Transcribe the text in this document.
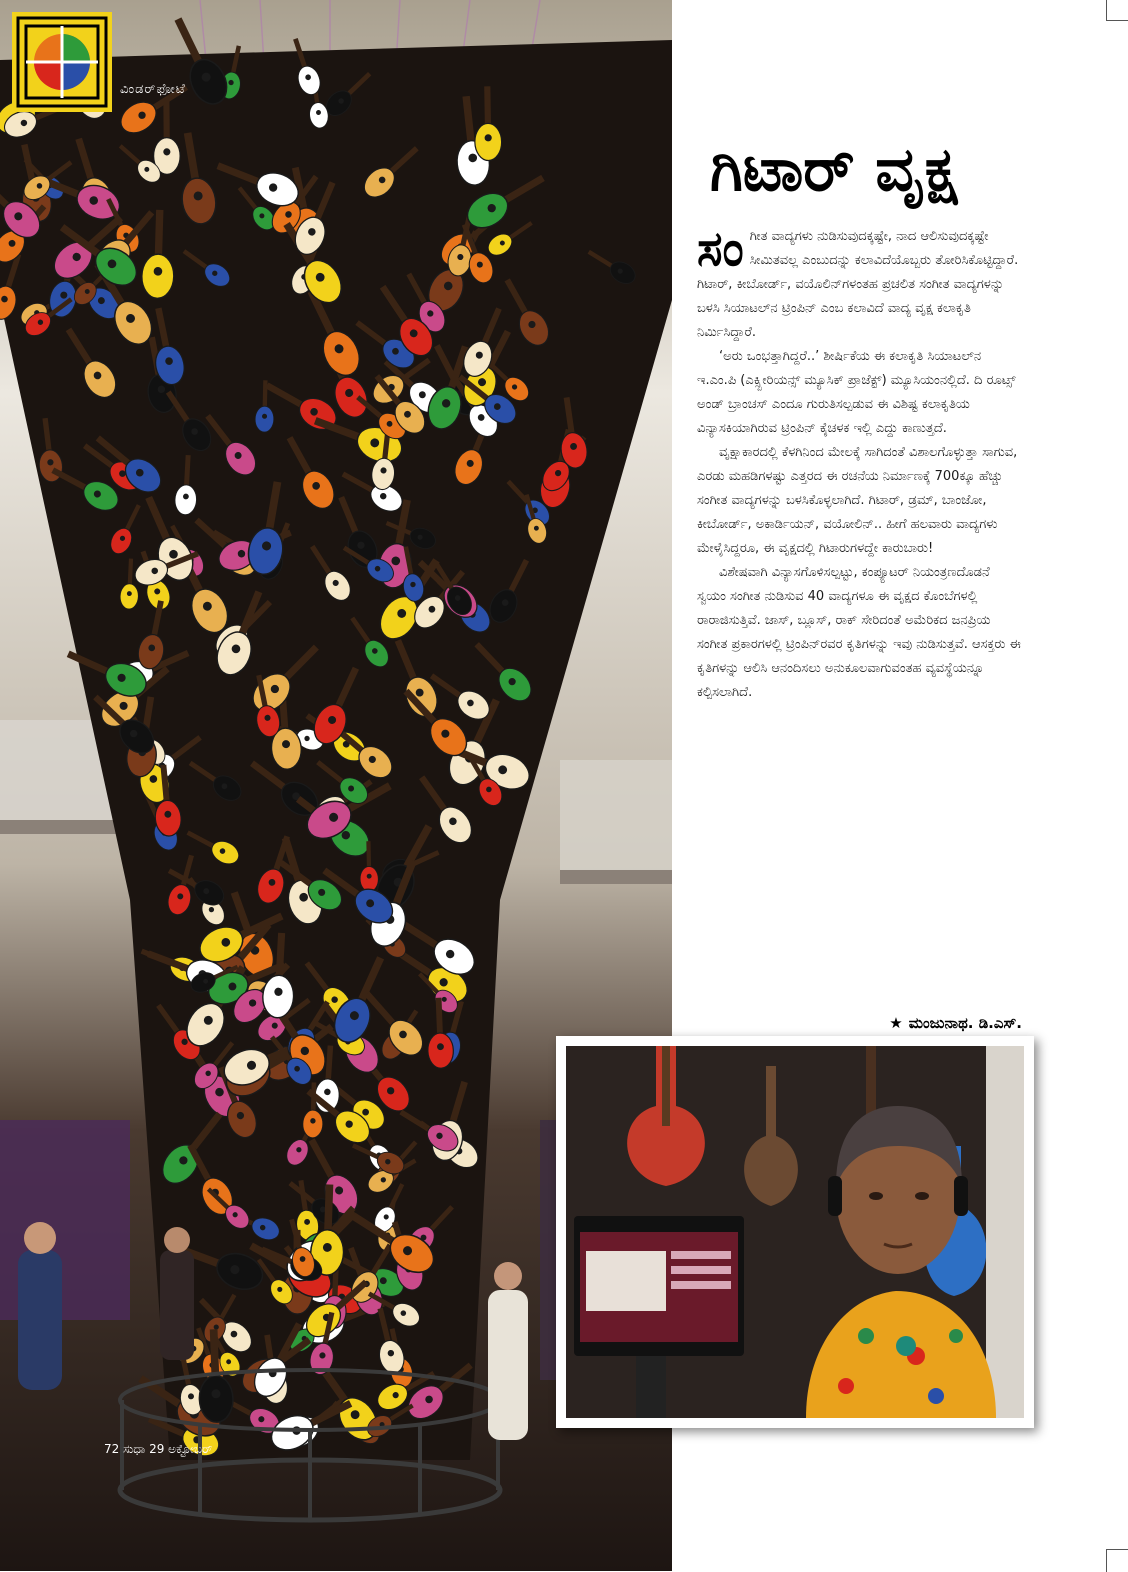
ವಿಂಡರ್‌ಫೋಟೆ
72 ಸುಧಾ 29 ಅಕ್ಟೋಬರ್
ಗಿಟಾರ್ ವೃಕ್ಷ

ಸಂಗೀತ ವಾದ್ಯಗಳು ನುಡಿಸುವುದಕ್ಕಷ್ಟೇ, ನಾದ ಆಲಿಸುವುದಕ್ಕಷ್ಟೇ ಸೀಮಿತವಲ್ಲ ಎಂಬುದನ್ನು ಕಲಾವಿದೆಯೊಬ್ಬರು ತೋರಿಸಿಕೊಟ್ಟಿದ್ದಾರೆ. ಗಿಟಾರ್, ಕೀಬೋರ್ಡ್, ವಯೊಲಿನ್‌ಗಳಂತಹ ಪ್ರಚಲಿತ ಸಂಗೀತ ವಾದ್ಯಗಳನ್ನು ಬಳಸಿ ಸಿಯಾಟಲ್‌ನ ಟ್ರಿಂಪಿನ್ ಎಂಬ ಕಲಾವಿದೆ ವಾದ್ಯ ವೃಕ್ಷ ಕಲಾಕೃತಿ ನಿರ್ಮಿಸಿದ್ದಾರೆ.

‘ಅರು ಒಂಭತ್ತಾಗಿದ್ದರೆ..’ ಶೀರ್ಷಿಕೆಯ ಈ ಕಲಾಕೃತಿ ಸಿಯಾಟಲ್‌ನ ಇ.ಎಂ.ಪಿ (ಎಕ್ಸ್ಪೀರಿಯನ್ಸ್ ಮ್ಯೂಸಿಕ್ ಪ್ರಾಜೆಕ್ಟ್) ಮ್ಯೂಸಿಯಂನಲ್ಲಿದೆ. ದಿ ರೂಟ್ಸ್ ಅಂಡ್ ಬ್ರಾಂಚಸ್ ಎಂದೂ ಗುರುತಿಸಲ್ಪಡುವ ಈ ವಿಶಿಷ್ಟ ಕಲಾಕೃತಿಯ ವಿನ್ಯಾಸಕಿಯಾಗಿರುವ ಟ್ರಿಂಪಿನ್ ಕೈಚಳಕ ಇಲ್ಲಿ ಎದ್ದು ಕಾಣುತ್ತದೆ.

ವೃಕ್ಷಾಕಾರದಲ್ಲಿ ಕೆಳಗಿನಿಂದ ಮೇಲಕ್ಕೆ ಸಾಗಿದಂತೆ ವಿಶಾಲಗೊಳ್ಳುತ್ತಾ ಸಾಗುವ, ಎರಡು ಮಹಡಿಗಳಷ್ಟು ಎತ್ತರದ ಈ ರಚನೆಯ ನಿರ್ಮಾಣಕ್ಕೆ 700ಕ್ಕೂ ಹೆಚ್ಚು ಸಂಗೀತ ವಾದ್ಯಗಳನ್ನು ಬಳಸಿಕೊಳ್ಳಲಾಗಿದೆ. ಗಿಟಾರ್, ಡ್ರಮ್, ಬಾಂಜೋ, ಕೀಬೋರ್ಡ್, ಅಕಾರ್ಡಿಯನ್, ವಯೋಲಿನ್.. ಹೀಗೆ ಹಲವಾರು ವಾದ್ಯಗಳು ಮೇಳೈಸಿದ್ದರೂ, ಈ ವೃಕ್ಷದಲ್ಲಿ ಗಿಟಾರುಗಳದ್ದೇ ಕಾರುಬಾರು!

ವಿಶೇಷವಾಗಿ ವಿನ್ಯಾಸಗೊಳಿಸಲ್ಪಟ್ಟು, ಕಂಪ್ಯೂಟರ್ ನಿಯಂತ್ರಣದೊಡನೆ ಸ್ವಯಂ ಸಂಗೀತ ನುಡಿಸುವ 40 ವಾದ್ಯಗಳೂ ಈ ವೃಕ್ಷದ ಕೊಂಬೆಗಳಲ್ಲಿ ರಾರಾಜಿಸುತ್ತಿವೆ. ಜಾಸ್, ಬ್ಲೂಸ್, ರಾಕ್ ಸೇರಿದಂತೆ ಅಮೆರಿಕದ ಜನಪ್ರಿಯ ಸಂಗೀತ ಪ್ರಕಾರಗಳಲ್ಲಿ ಟ್ರಿಂಪಿನ್‌ರವರ ಕೃತಿಗಳನ್ನು ಇವು ನುಡಿಸುತ್ತವೆ. ಆಸಕ್ತರು ಈ ಕೃತಿಗಳನ್ನು ಆಲಿಸಿ ಆನಂದಿಸಲು ಅನುಕೂಲವಾಗುವಂತಹ ವ್ಯವಸ್ಥೆಯನ್ನೂ ಕಲ್ಪಿಸಲಾಗಿದೆ.

★ ಮಂಜುನಾಥ. ಡಿ.ಎಸ್.
